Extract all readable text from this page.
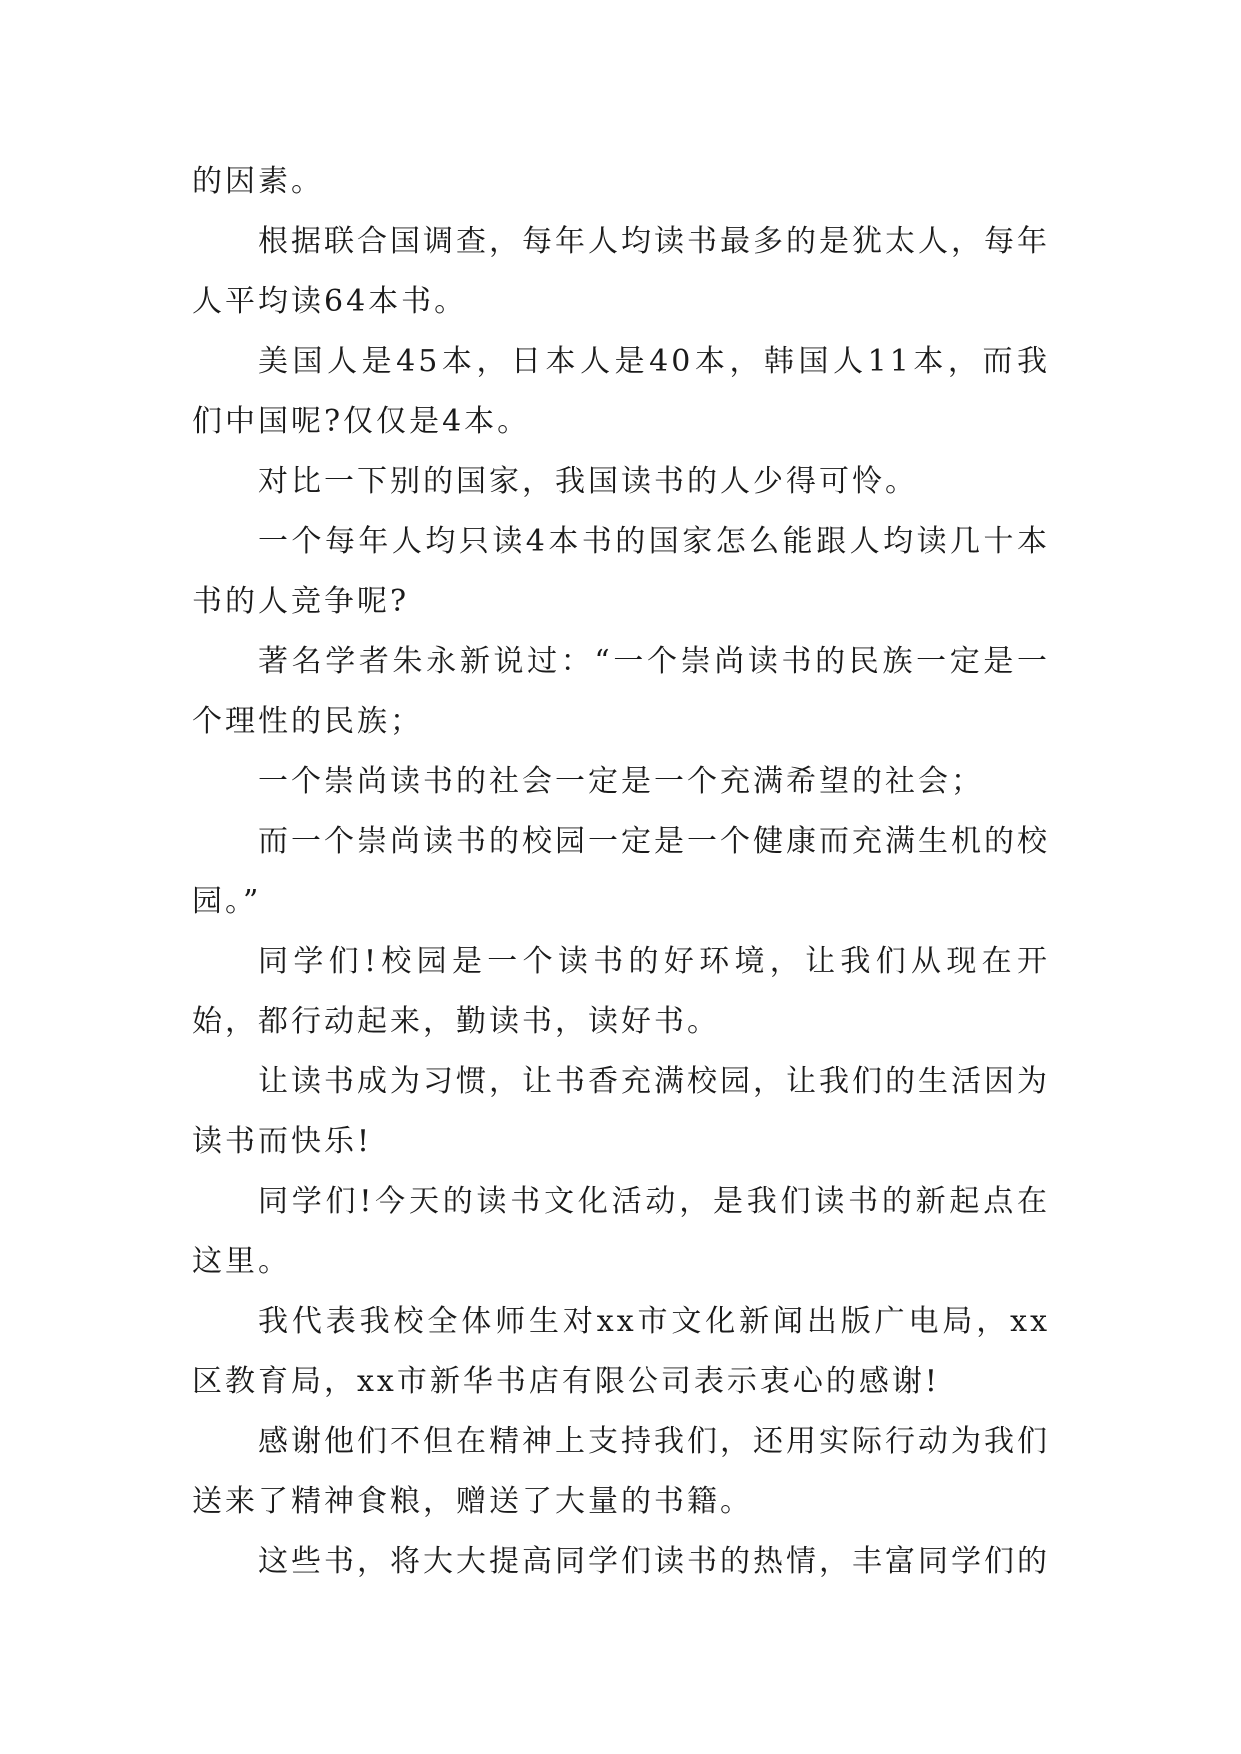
的因素。

根据联合国调查，每年人均读书最多的是犹太人，每年人平均读64本书。

美国人是45本，日本人是40本，韩国人11本，而我们中国呢?仅仅是4本。

对比一下别的国家，我国读书的人少得可怜。

一个每年人均只读4本书的国家怎么能跟人均读几十本书的人竞争呢?

著名学者朱永新说过：“一个崇尚读书的民族一定是一个理性的民族；

一个崇尚读书的社会一定是一个充满希望的社会；

而一个崇尚读书的校园一定是一个健康而充满生机的校园。”

同学们!校园是一个读书的好环境，让我们从现在开始，都行动起来，勤读书，读好书。

让读书成为习惯，让书香充满校园，让我们的生活因为读书而快乐!

同学们!今天的读书文化活动，是我们读书的新起点在这里。

我代表我校全体师生对xx市文化新闻出版广电局，xx区教育局，xx市新华书店有限公司表示衷心的感谢!

感谢他们不但在精神上支持我们，还用实际行动为我们送来了精神食粮，赠送了大量的书籍。

这些书，将大大提高同学们读书的热情，丰富同学们的
